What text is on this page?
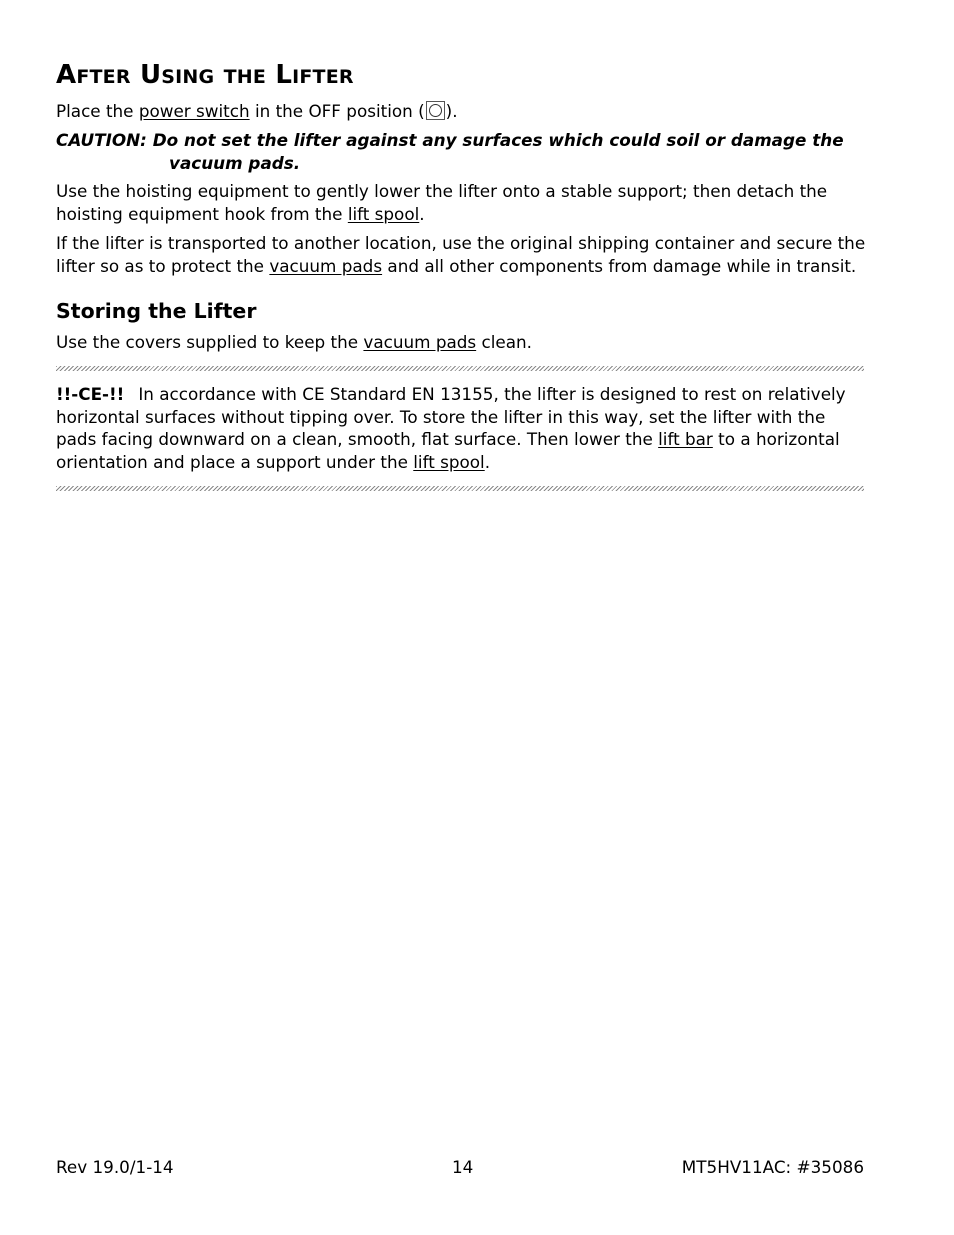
AFTER USING THE LIFTER

Place the power switch in the OFF position ( ).

CAUTION: Do not set the lifter against any surfaces which could soil or damage the
vacuum pads.

Use the hoisting equipment to gently lower the lifter onto a stable support; then detach the
hoisting equipment hook from the lift spool.

If the lifter is transported to another location, use the original shipping container and secure the
lifter so as to protect the vacuum pads and all other components from damage while in transit.

Storing the Lifter

Use the covers supplied to keep the vacuum pads clean.

!!-CE-!! In accordance with CE Standard EN 13155, the lifter is designed to rest on relatively
horizontal surfaces without tipping over. To store the lifter in this way, set the lifter with the
pads facing downward on a clean, smooth, flat surface. Then lower the lift bar to a horizontal
orientation and place a support under the lift spool.

Rev 19.0/1-14	14	MT5HV11AC: #35086
